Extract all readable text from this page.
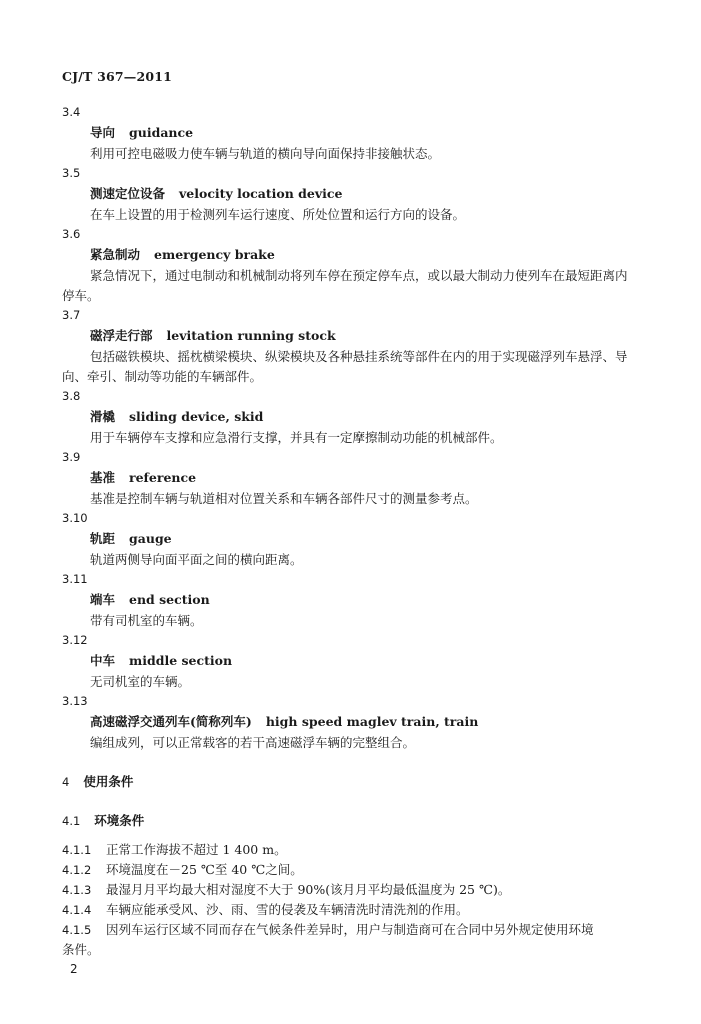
CJ/T 367—2011
3.4
导向 guidance
利用可控电磁吸力使车辆与轨道的横向导向面保持非接触状态。
3.5
测速定位设备 velocity location device
在车上设置的用于检测列车运行速度、所处位置和运行方向的设备。
3.6
紧急制动 emergency brake
紧急情况下，通过电制动和机械制动将列车停在预定停车点，或以最大制动力使列车在最短距离内
停车。
3.7
磁浮走行部 levitation running stock
包括磁铁模块、摇枕横梁模块、纵梁模块及各种悬挂系统等部件在内的用于实现磁浮列车悬浮、导
向、牵引、制动等功能的车辆部件。
3.8
滑橇 sliding device, skid
用于车辆停车支撑和应急滑行支撑，并具有一定摩擦制动功能的机械部件。
3.9
基准 reference
基准是控制车辆与轨道相对位置关系和车辆各部件尺寸的测量参考点。
3.10
轨距 gauge
轨道两侧导向面平面之间的横向距离。
3.11
端车 end section
带有司机室的车辆。
3.12
中车 middle section
无司机室的车辆。
3.13
高速磁浮交通列车(简称列车) high speed maglev train, train
编组成列，可以正常载客的若干高速磁浮车辆的完整组合。
4 使用条件
4.1 环境条件
4.1.1 正常工作海拔不超过 1 400 m。
4.1.2 环境温度在－25 ℃至 40 ℃之间。
4.1.3 最湿月月平均最大相对湿度不大于 90%(该月月平均最低温度为 25 ℃)。
4.1.4 车辆应能承受风、沙、雨、雪的侵袭及车辆清洗时清洗剂的作用。
4.1.5 因列车运行区域不同而存在气候条件差异时，用户与制造商可在合同中另外规定使用环境
条件。
2
